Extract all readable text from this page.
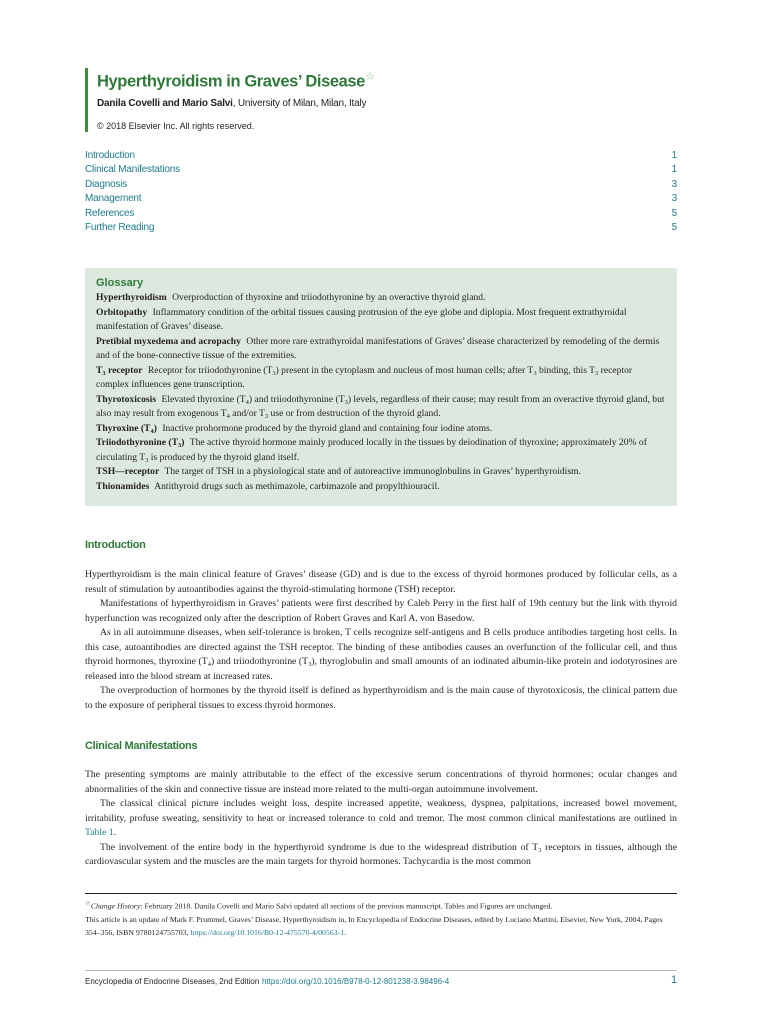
Hyperthyroidism in Graves’ Disease☆
Danila Covelli and Mario Salvi, University of Milan, Milan, Italy
© 2018 Elsevier Inc. All rights reserved.
Introduction	1
Clinical Manifestations	1
Diagnosis	3
Management	3
References	5
Further Reading	5
Glossary
Hyperthyroidism Overproduction of thyroxine and triiodothyronine by an overactive thyroid gland.
Orbitopathy Inflammatory condition of the orbital tissues causing protrusion of the eye globe and diplopia. Most frequent extrathyroidal manifestation of Graves’ disease.
Pretibial myxedema and acropachy Other more rare extrathyroidal manifestations of Graves’ disease characterized by remodeling of the dermis and of the bone-connective tissue of the extremities.
$T_3$ receptor Receptor for triiodothyronine $(T_3)$ present in the cytoplasm and nucleus of most human cells; after $T_3$ binding, this $T_3$ receptor complex influences gene transcription.
Thyrotoxicosis Elevated thyroxine $(T_4)$ and triiodothyronine $(T_3)$ levels, regardless of their cause; may result from an overactive thyroid gland, but also may result from exogenous $T_4$ and/or $T_3$ use or from destruction of the thyroid gland.
Thyroxine $(T_4)$ Inactive prohormone produced by the thyroid gland and containing four iodine atoms.
Triiodothyronine $(T_3)$ The active thyroid hormone mainly produced locally in the tissues by deiodination of thyroxine; approximately 20% of circulating $T_3$ is produced by the thyroid gland itself.
TSH—receptor The target of TSH in a physiological state and of autoreactive immunoglobulins in Graves’ hyperthyroidism.
Thionamides Antithyroid drugs such as methimazole, carbimazole and propylthiouracil.
Introduction

Hyperthyroidism is the main clinical feature of Graves’ disease (GD) and is due to the excess of thyroid hormones produced by follicular cells, as a result of stimulation by autoantibodies against the thyroid-stimulating hormone (TSH) receptor.

Manifestations of hyperthyroidism in Graves’ patients were first described by Caleb Perry in the first half of 19th century but the link with thyroid hyperfunction was recognized only after the description of Robert Graves and Karl A. von Basedow.

As in all autoimmune diseases, when self-tolerance is broken, T cells recognize self-antigens and B cells produce antibodies targeting host cells. In this case, autoantibodies are directed against the TSH receptor. The binding of these antibodies causes an overfunction of the follicular cell, and thus thyroid hormones, thyroxine $(T_4)$ and triiodothyronine $(T_3)$, thyroglobulin and small amounts of an iodinated albumin-like protein and iodotyrosines are released into the blood stream at increased rates.

The overproduction of hormones by the thyroid itself is defined as hyperthyroidism and is the main cause of thyrotoxicosis, the clinical pattern due to the exposure of peripheral tissues to excess thyroid hormones.

Clinical Manifestations

The presenting symptoms are mainly attributable to the effect of the excessive serum concentrations of thyroid hormones; ocular changes and abnormalities of the skin and connective tissue are instead more related to the multi-organ autoimmune involvement.

The classical clinical picture includes weight loss, despite increased appetite, weakness, dyspnea, palpitations, increased bowel movement, irritability, profuse sweating, sensitivity to heat or increased tolerance to cold and tremor. The most common clinical manifestations are outlined in Table 1.

The involvement of the entire body in the hyperthyroid syndrome is due to the widespread distribution of $T_3$ receptors in tissues, although the cardiovascular system and the muscles are the main targets for thyroid hormones. Tachycardia is the most common

☆Change History: February 2018. Danila Covelli and Mario Salvi updated all sections of the previous manuscript. Tables and Figures are unchanged.

This article is an update of Mark F. Prummel, Graves’ Disease, Hyperthyroidism in, In Encyclopedia of Endocrine Diseases, edited by Luciano Martini, Elsevier, New York, 2004, Pages 354–356, ISBN 9780124755703, https://doi.org/10.1016/B0-12-475570-4/00563-1.

Encyclopedia of Endocrine Diseases, 2nd Edition https://doi.org/10.1016/B978-0-12-801238-3.98496-4	1
